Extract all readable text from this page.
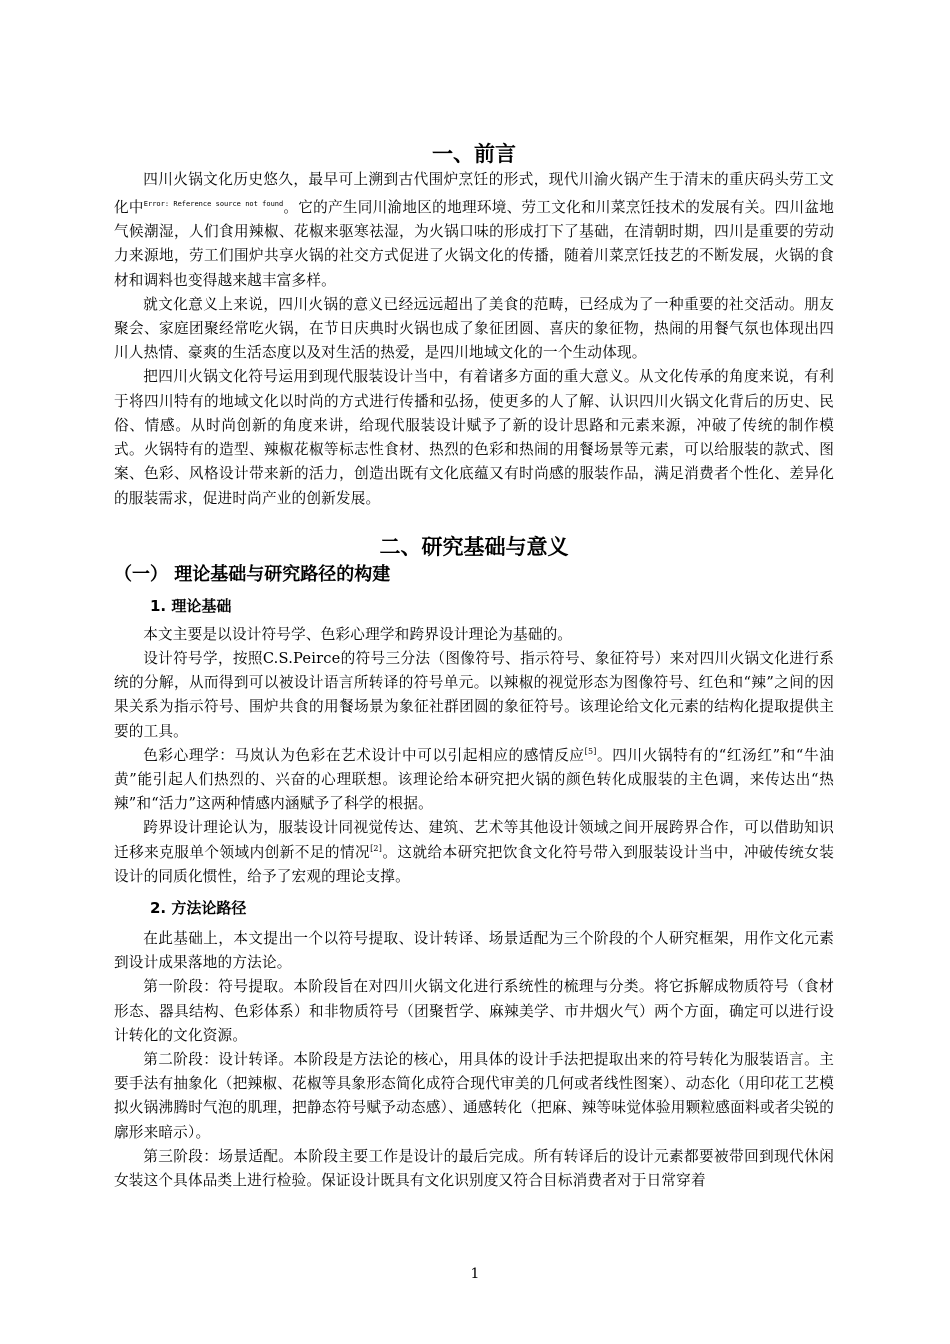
一、前言

四川火锅文化历史悠久，最早可上溯到古代围炉烹饪的形式，现代川渝火锅产生于清末的重庆码头劳工文化中$^{Error: Reference source not found}$。它的产生同川渝地区的地理环境、劳工文化和川菜烹饪技术的发展有关。四川盆地气候潮湿，人们食用辣椒、花椒来驱寒祛湿，为火锅口味的形成打下了基础，在清朝时期，四川是重要的劳动力来源地，劳工们围炉共享火锅的社交方式促进了火锅文化的传播，随着川菜烹饪技艺的不断发展，火锅的食材和调料也变得越来越丰富多样。

就文化意义上来说，四川火锅的意义已经远远超出了美食的范畴，已经成为了一种重要的社交活动。朋友聚会、家庭团聚经常吃火锅，在节日庆典时火锅也成了象征团圆、喜庆的象征物，热闹的用餐气氛也体现出四川人热情、豪爽的生活态度以及对生活的热爱，是四川地域文化的一个生动体现。

把四川火锅文化符号运用到现代服装设计当中，有着诸多方面的重大意义。从文化传承的角度来说，有利于将四川特有的地域文化以时尚的方式进行传播和弘扬，使更多的人了解、认识四川火锅文化背后的历史、民俗、情感。从时尚创新的角度来讲，给现代服装设计赋予了新的设计思路和元素来源，冲破了传统的制作模式。火锅特有的造型、辣椒花椒等标志性食材、热烈的色彩和热闹的用餐场景等元素，可以给服装的款式、图案、色彩、风格设计带来新的活力，创造出既有文化底蕴又有时尚感的服装作品，满足消费者个性化、差异化的服装需求，促进时尚产业的创新发展。

二、研究基础与意义
（一） 理论基础与研究路径的构建
1. 理论基础

本文主要是以设计符号学、色彩心理学和跨界设计理论为基础的。

设计符号学，按照C.S.Peirce的符号三分法（图像符号、指示符号、象征符号）来对四川火锅文化进行系统的分解，从而得到可以被设计语言所转译的符号单元。以辣椒的视觉形态为图像符号、红色和“辣”之间的因果关系为指示符号、围炉共食的用餐场景为象征社群团圆的象征符号。该理论给文化元素的结构化提取提供主要的工具。

色彩心理学：马岚认为色彩在艺术设计中可以引起相应的感情反应[5]。四川火锅特有的“红汤红”和“牛油黄”能引起人们热烈的、兴奋的心理联想。该理论给本研究把火锅的颜色转化成服装的主色调，来传达出“热辣”和“活力”这两种情感内涵赋予了科学的根据。

跨界设计理论认为，服装设计同视觉传达、建筑、艺术等其他设计领域之间开展跨界合作，可以借助知识迁移来克服单个领域内创新不足的情况[2]。这就给本研究把饮食文化符号带入到服装设计当中，冲破传统女装设计的同质化惯性，给予了宏观的理论支撑。

2. 方法论路径

在此基础上，本文提出一个以符号提取、设计转译、场景适配为三个阶段的个人研究框架，用作文化元素到设计成果落地的方法论。

第一阶段：符号提取。本阶段旨在对四川火锅文化进行系统性的梳理与分类。将它拆解成物质符号（食材形态、器具结构、色彩体系）和非物质符号（团聚哲学、麻辣美学、市井烟火气）两个方面，确定可以进行设计转化的文化资源。

第二阶段：设计转译。本阶段是方法论的核心，用具体的设计手法把提取出来的符号转化为服装语言。主要手法有抽象化（把辣椒、花椒等具象形态简化成符合现代审美的几何或者线性图案）、动态化（用印花工艺模拟火锅沸腾时气泡的肌理，把静态符号赋予动态感）、通感转化（把麻、辣等味觉体验用颗粒感面料或者尖锐的廓形来暗示）。

第三阶段：场景适配。本阶段主要工作是设计的最后完成。所有转译后的设计元素都要被带回到现代休闲女装这个具体品类上进行检验。保证设计既具有文化识别度又符合目标消费者对于日常穿着

1
